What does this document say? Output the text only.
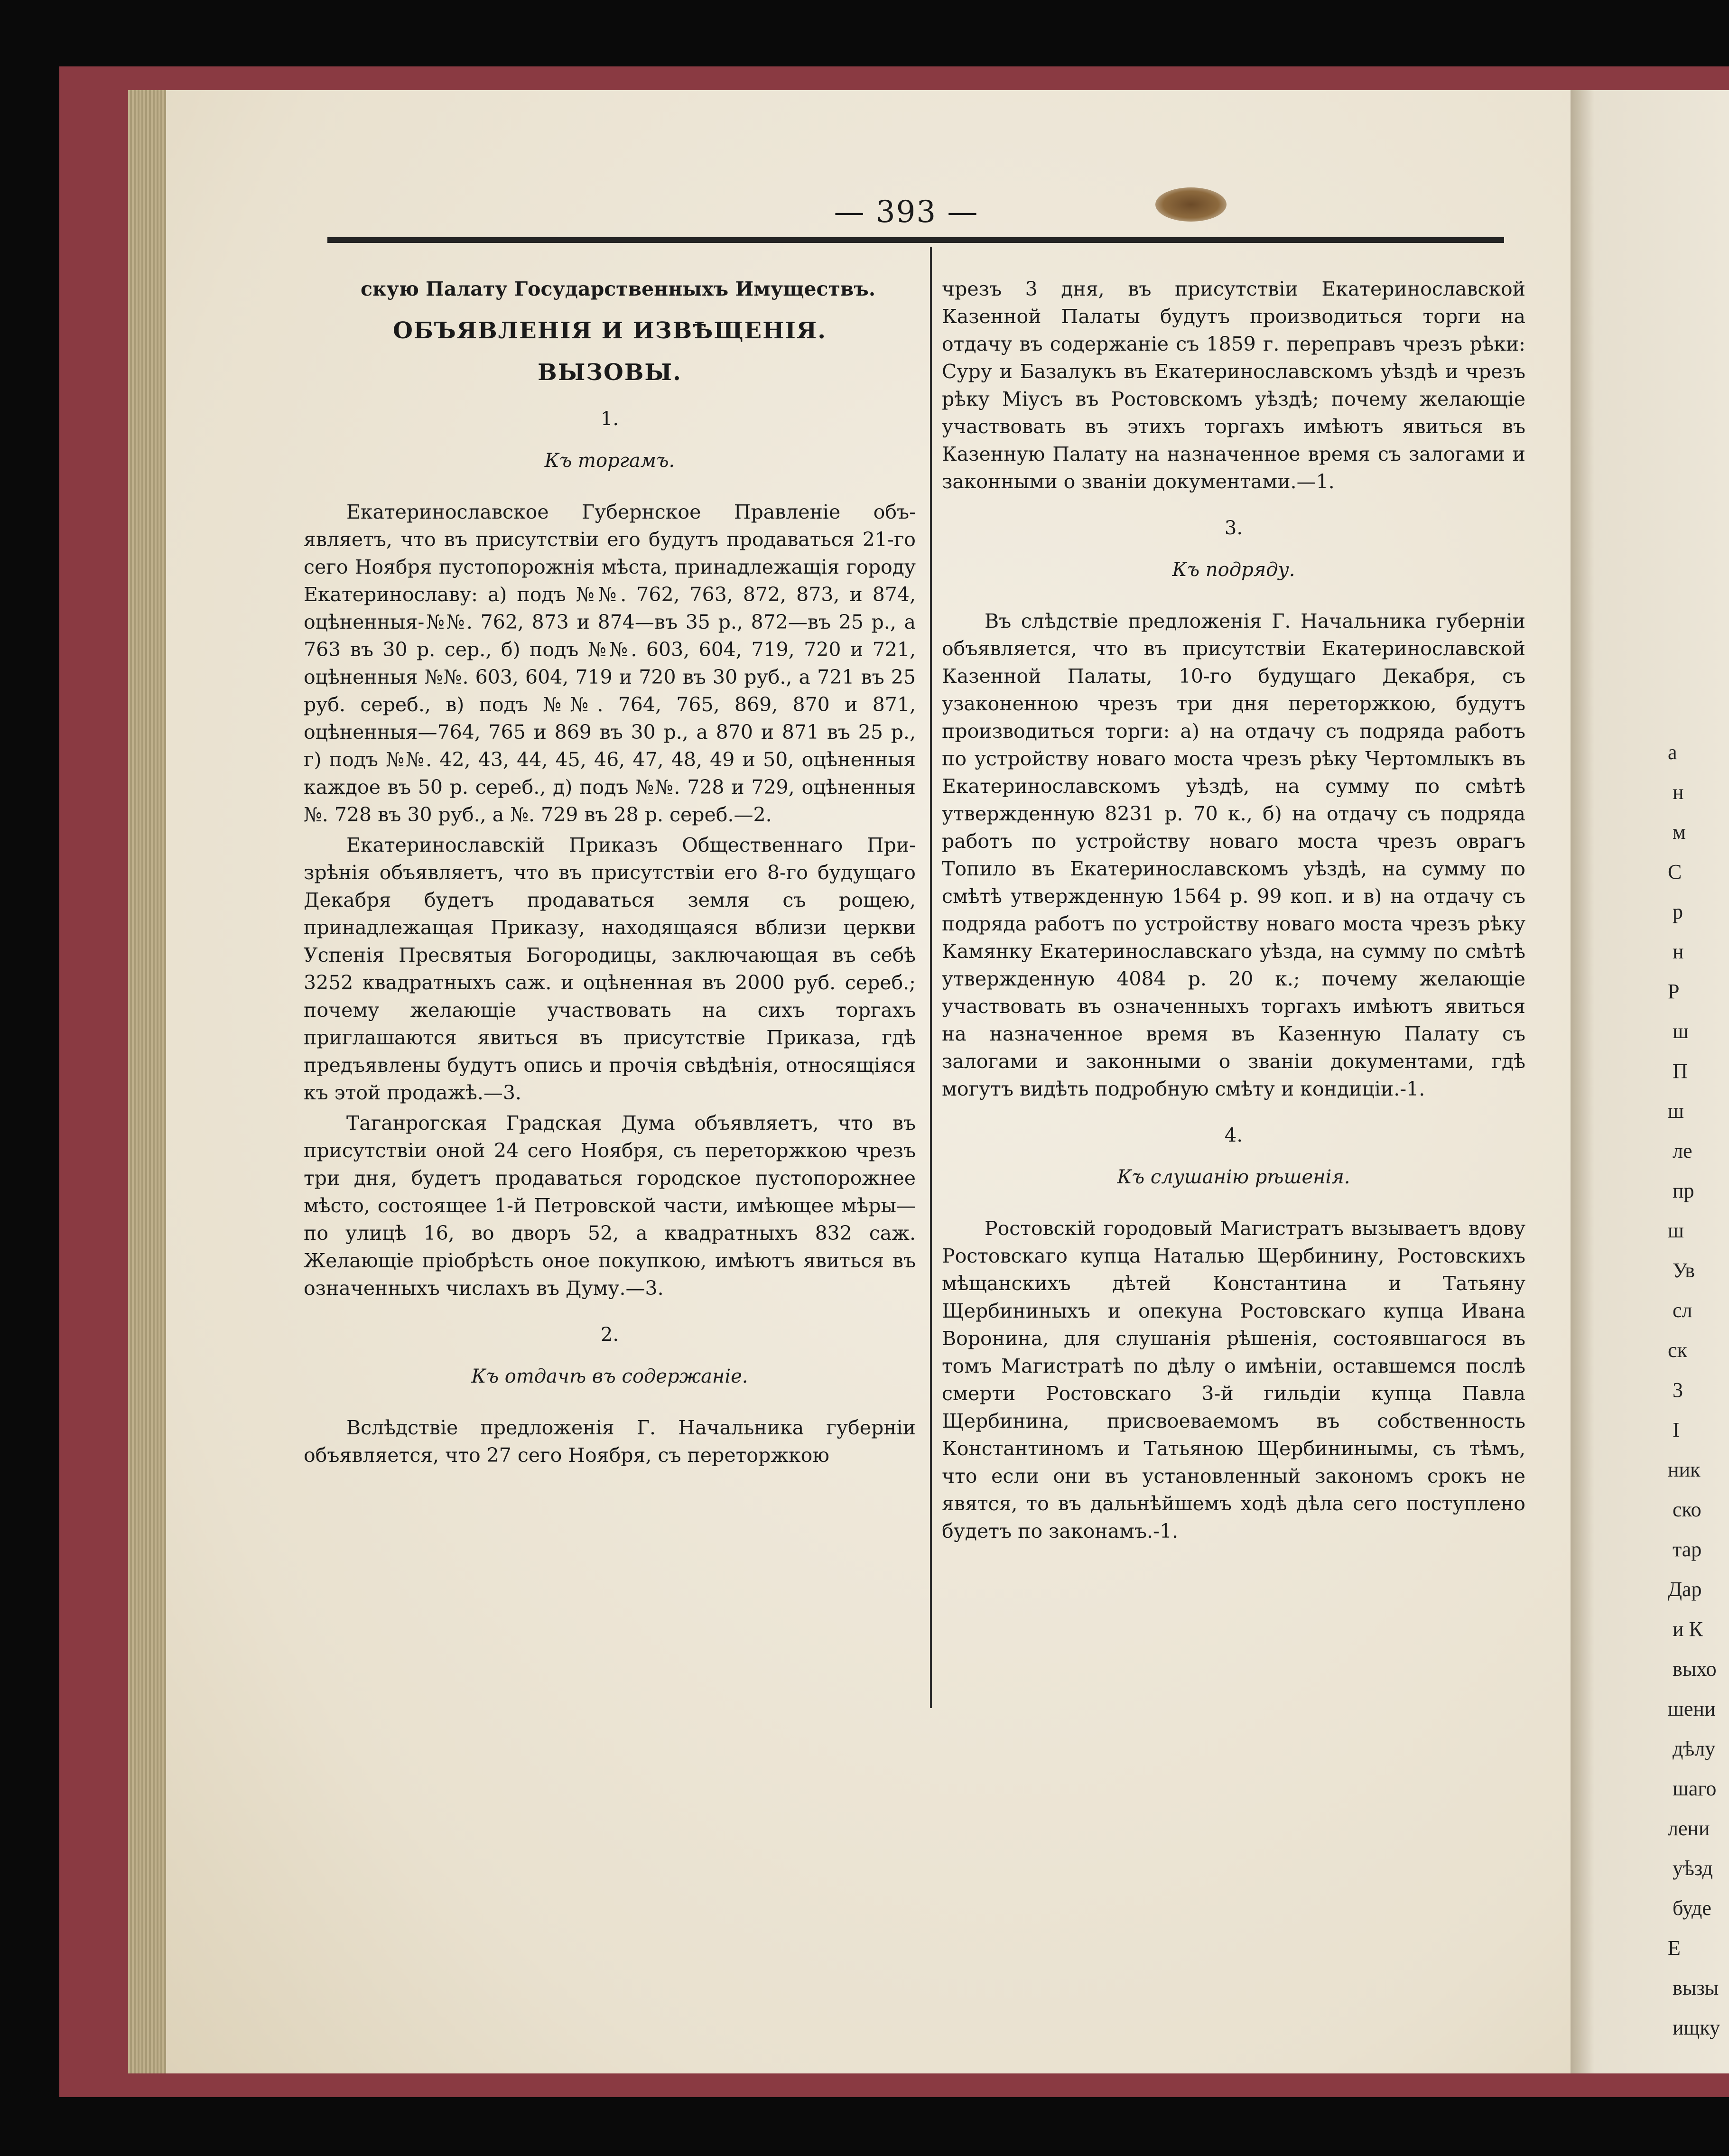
— 393 —

скую Палату Государственныхъ Имуществъ.

ОБЪЯВЛЕНІЯ И ИЗВѢЩЕНІЯ.
ВЫЗОВЫ.
1.
Къ торгамъ.

Екатеринославское Губернское Правленіе объявляетъ, что въ присутствіи его будутъ продаваться 21-го сего Ноября пустопорожнія мѣста, принадлежащія городу Екатеринославу: а) подъ №№. 762, 763, 872, 873, и 874, оцѣненныя-№№. 762, 873 и 874—въ 35 р., 872—въ 25 р., а 763 въ 30 р. сер., б) подъ №№. 603, 604, 719, 720 и 721, оцѣненныя №№. 603, 604, 719 и 720 въ 30 руб., а 721 въ 25 руб. сереб., в) подъ №№. 764, 765, 869, 870 и 871, оцѣненныя—764, 765 и 869 въ 30 р., а 870 и 871 въ 25 р., г) подъ №№. 42, 43, 44, 45, 46, 47, 48, 49 и 50, оцѣненныя каждое въ 50 р. сереб., д) подъ №№. 728 и 729, оцѣненныя №. 728 въ 30 руб., а №. 729 въ 28 р. сереб.—2.

Екатеринославскій Приказъ Общественнаго Призрѣнія объявляетъ, что въ присутствіи его 8-го будущаго Декабря будетъ продаваться земля съ рощею, принадлежащая Приказу, находящаяся вблизи церкви Успенія Пресвятыя Богородицы, заключающая въ себѣ 3252 квадратныхъ саж. и оцѣненная въ 2000 руб. сереб.; почему желающіе участвовать на сихъ торгахъ приглашаются явиться въ присутствіе Приказа, гдѣ предъявлены будутъ опись и прочія свѣдѣнія, относящіяся къ этой продажѣ.—3.

Таганрогская Градская Дума объявляетъ, что въ присутствіи оной 24 сего Ноября, съ переторжкою чрезъ три дня, будетъ продаваться городское пустопорожнее мѣсто, состоящее 1-й Петровской части, имѣющее мѣры—по улицѣ 16, во дворъ 52, а квадратныхъ 832 саж. Желающіе пріобрѣсть оное покупкою, имѣютъ явиться въ означенныхъ числахъ въ Думу.—3.

2.
Къ отдачѣ въ содержаніе.

Вслѣдствіе предложенія Г. Начальника губерніи объявляется, что 27 сего Ноября, съ переторжкою

чрезъ 3 дня, въ присутствіи Екатеринославской Казенной Палаты будутъ производиться торги на отдачу въ содержаніе съ 1859 г. переправъ чрезъ рѣки: Суру и Базалукъ въ Екатеринославскомъ уѣздѣ и чрезъ рѣку Міусъ въ Ростовскомъ уѣздѣ; почему желающіе участвовать въ этихъ торгахъ имѣютъ явиться въ Казенную Палату на назначенное время съ залогами и законными о званіи документами.—1.

3.
Къ подряду.

Въ слѣдствіе предложенія Г. Начальника губерніи объявляется, что въ присутствіи Екатеринославской Казенной Палаты, 10-го будущаго Декабря, съ узаконенною чрезъ три дня переторжкою, будутъ производиться торги: а) на отдачу съ подряда работъ по устройству новаго моста чрезъ рѣку Чертомлыкъ въ Екатеринославскомъ уѣздѣ, на сумму по смѣтѣ утвержденную 8231 р. 70 к., б) на отдачу съ подряда работъ по устройству новаго моста чрезъ оврагъ Топило въ Екатеринославскомъ уѣздѣ, на сумму по смѣтѣ утвержденную 1564 р. 99 коп. и в) на отдачу съ подряда работъ по устройству новаго моста чрезъ рѣку Камянку Екатеринославскаго уѣзда, на сумму по смѣтѣ утвержденную 4084 р. 20 к.; почему желающіе участвовать въ означенныхъ торгахъ имѣютъ явиться на назначенное время въ Казенную Палату съ залогами и законными о званіи документами, гдѣ могутъ видѣть подробную смѣту и кондиціи.-1.

4.
Къ слушанію рѣшенія.

Ростовскій городовый Магистратъ вызываетъ вдову Ростовскаго купца Наталью Щербинину, Ростовскихъ мѣщанскихъ дѣтей Константина и Татьяну Щербининыхъ и опекуна Ростовскаго купца Ивана Воронина, для слушанія рѣшенія, состоявшагося въ томъ Магистратѣ по дѣлу о имѣніи, оставшемся послѣ смерти Ростовскаго 3-й гильдіи купца Павла Щербинина, присвоеваемомъ въ собственность Константиномъ и Татьяною Щербининымы, съ тѣмъ, что если они въ установленный закономъ срокъ не явятся, то въ дальнѣйшемъ ходѣ дѣла сего поступлено будетъ по законамъ.-1.

а
н
м
С
р
н
Р
ш
П
ш
ле
пр
ш
Ув
сл
ск
3
I
ник
ско
тар
Дар
и К
выхо
шени
дѣлу
шаго
лени
уѣзд
буде
Е
вызы
ищку
